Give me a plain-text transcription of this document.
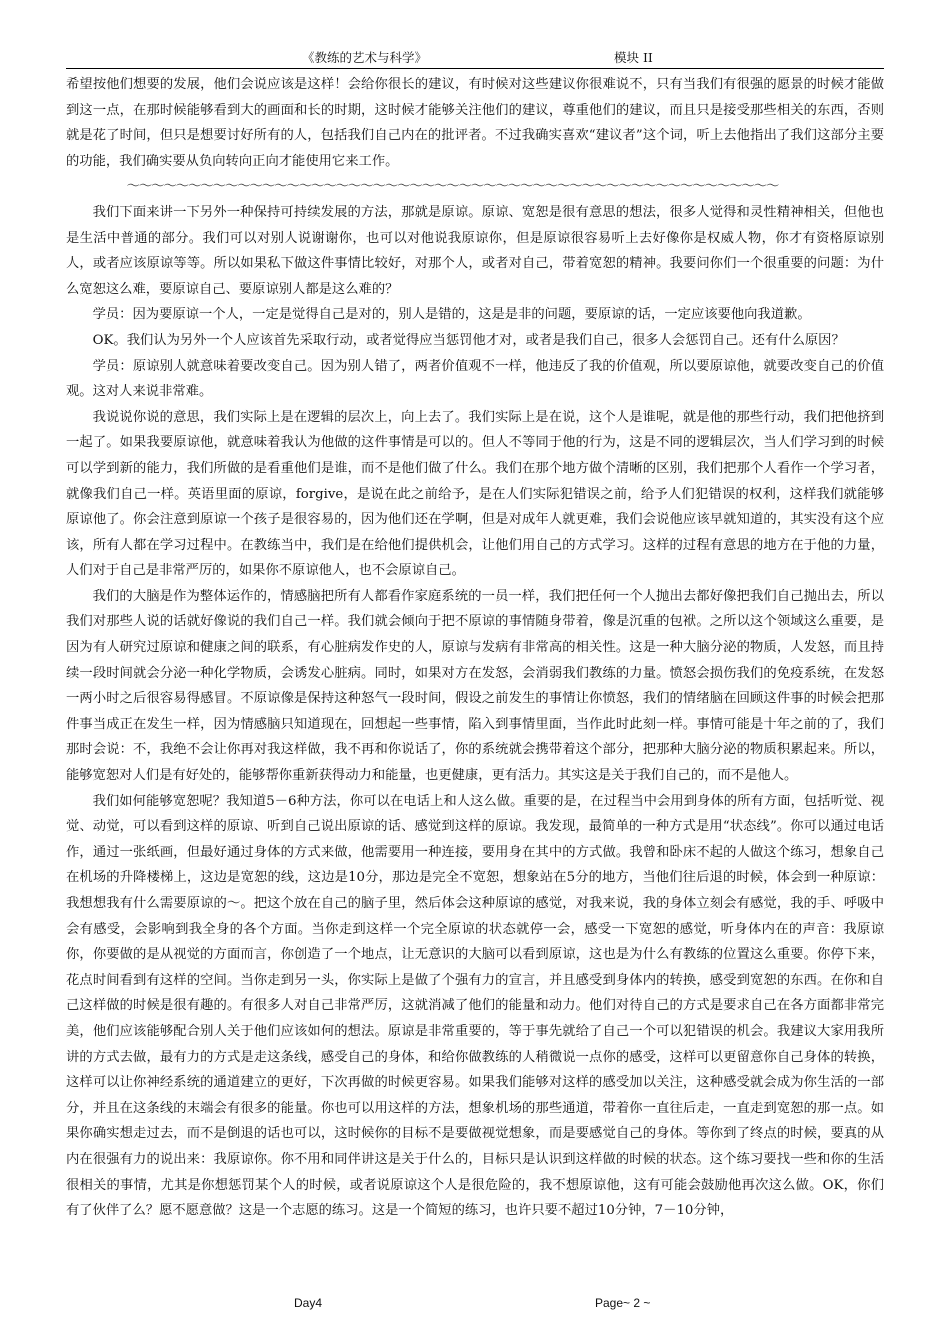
《教练的艺术与科学》	模块 II

希望按他们想要的发展，他们会说应该是这样！会给你很长的建议，有时候对这些建议你很难说不，只有当我们有很强的愿景的时候才能做到这一点，在那时候能够看到大的画面和长的时期，这时候才能够关注他们的建议，尊重他们的建议，而且只是接受那些相关的东西，否则就是花了时间，但只是想要讨好所有的人，包括我们自己内在的批评者。不过我确实喜欢“建议者”这个词，听上去他指出了我们这部分主要的功能，我们确实要从负向转向正向才能使用它来工作。

～～～～～～～～～～～～～～～～～～～～～～～～～～～～～～～～～～～～～～～～～～～～～～～～～～～～～

我们下面来讲一下另外一种保持可持续发展的方法，那就是原谅。原谅、宽恕是很有意思的想法，很多人觉得和灵性精神相关，但他也是生活中普通的部分。我们可以对别人说谢谢你，也可以对他说我原谅你，但是原谅很容易听上去好像你是权威人物，你才有资格原谅别人，或者应该原谅等等。所以如果私下做这件事情比较好，对那个人，或者对自己，带着宽恕的精神。我要问你们一个很重要的问题：为什么宽恕这么难，要原谅自己、要原谅别人都是这么难的？

学员：因为要原谅一个人，一定是觉得自己是对的，别人是错的，这是是非的问题，要原谅的话，一定应该要他向我道歉。

OK。我们认为另外一个人应该首先采取行动，或者觉得应当惩罚他才对，或者是我们自己，很多人会惩罚自己。还有什么原因？

学员：原谅别人就意味着要改变自己。因为别人错了，两者价值观不一样，他违反了我的价值观，所以要原谅他，就要改变自己的价值观。这对人来说非常难。

我说说你说的意思，我们实际上是在逻辑的层次上，向上去了。我们实际上是在说，这个人是谁呢，就是他的那些行动，我们把他挤到一起了。如果我要原谅他，就意味着我认为他做的这件事情是可以的。但人不等同于他的行为，这是不同的逻辑层次，当人们学习到的时候可以学到新的能力，我们所做的是看重他们是谁，而不是他们做了什么。我们在那个地方做个清晰的区别，我们把那个人看作一个学习者，就像我们自己一样。英语里面的原谅，forgive，是说在此之前给予，是在人们实际犯错误之前，给予人们犯错误的权利，这样我们就能够原谅他了。你会注意到原谅一个孩子是很容易的，因为他们还在学啊，但是对成年人就更难，我们会说他应该早就知道的，其实没有这个应该，所有人都在学习过程中。在教练当中，我们是在给他们提供机会，让他们用自己的方式学习。这样的过程有意思的地方在于他的力量，人们对于自己是非常严厉的，如果你不原谅他人，也不会原谅自己。

我们的大脑是作为整体运作的，情感脑把所有人都看作家庭系统的一员一样，我们把任何一个人抛出去都好像把我们自己抛出去，所以我们对那些人说的话就好像说的我们自己一样。我们就会倾向于把不原谅的事情随身带着，像是沉重的包袱。之所以这个领域这么重要，是因为有人研究过原谅和健康之间的联系，有心脏病发作史的人，原谅与发病有非常高的相关性。这是一种大脑分泌的物质，人发怒，而且持续一段时间就会分泌一种化学物质，会诱发心脏病。同时，如果对方在发怒，会消弱我们教练的力量。愤怒会损伤我们的免疫系统，在发怒一两小时之后很容易得感冒。不原谅像是保持这种怒气一段时间，假设之前发生的事情让你愤怒，我们的情绪脑在回顾这件事的时候会把那件事当成正在发生一样，因为情感脑只知道现在，回想起一些事情，陷入到事情里面，当作此时此刻一样。事情可能是十年之前的了，我们那时会说：不，我绝不会让你再对我这样做，我不再和你说话了，你的系统就会携带着这个部分，把那种大脑分泌的物质积累起来。所以，能够宽恕对人们是有好处的，能够帮你重新获得动力和能量，也更健康，更有活力。其实这是关于我们自己的，而不是他人。

我们如何能够宽恕呢？我知道5－6种方法，你可以在电话上和人这么做。重要的是，在过程当中会用到身体的所有方面，包括听觉、视觉、动觉，可以看到这样的原谅、听到自己说出原谅的话、感觉到这样的原谅。我发现，最简单的一种方式是用“状态线”。你可以通过电话作，通过一张纸画，但最好通过身体的方式来做，他需要用一种连接，要用身在其中的方式做。我曾和卧床不起的人做这个练习，想象自己在机场的升降楼梯上，这边是宽恕的线，这边是10分，那边是完全不宽恕，想象站在5分的地方，当他们往后退的时候，体会到一种原谅：我想想我有什么需要原谅的～。把这个放在自己的脑子里，然后体会这种原谅的感觉，对我来说，我的身体立刻会有感觉，我的手、呼吸中会有感受，会影响到我全身的各个方面。当你走到这样一个完全原谅的状态就停一会，感受一下宽恕的感觉，听身体内在的声音：我原谅你，你要做的是从视觉的方面而言，你创造了一个地点，让无意识的大脑可以看到原谅，这也是为什么有教练的位置这么重要。你停下来，花点时间看到有这样的空间。当你走到另一头，你实际上是做了个强有力的宣言，并且感受到身体内的转换，感受到宽恕的东西。在你和自己这样做的时候是很有趣的。有很多人对自己非常严厉，这就消减了他们的能量和动力。他们对待自己的方式是要求自己在各方面都非常完美，他们应该能够配合别人关于他们应该如何的想法。原谅是非常重要的，等于事先就给了自己一个可以犯错误的机会。我建议大家用我所讲的方式去做，最有力的方式是走这条线，感受自己的身体，和给你做教练的人稍微说一点你的感受，这样可以更留意你自己身体的转换，这样可以让你神经系统的通道建立的更好，下次再做的时候更容易。如果我们能够对这样的感受加以关注，这种感受就会成为你生活的一部分，并且在这条线的末端会有很多的能量。你也可以用这样的方法，想象机场的那些通道，带着你一直往后走，一直走到宽恕的那一点。如果你确实想走过去，而不是倒退的话也可以，这时候你的目标不是要做视觉想象，而是要感觉自己的身体。等你到了终点的时候，要真的从内在很强有力的说出来：我原谅你。你不用和同伴讲这是关于什么的，目标只是认识到这样做的时候的状态。这个练习要找一些和你的生活很相关的事情，尤其是你想惩罚某个人的时候，或者说原谅这个人是很危险的，我不想原谅他，这有可能会鼓励他再次这么做。OK，你们有了伙伴了么？愿不愿意做？这是一个志愿的练习。这是一个简短的练习，也许只要不超过10分钟，7－10分钟，

Day4	Page~ 2 ~
